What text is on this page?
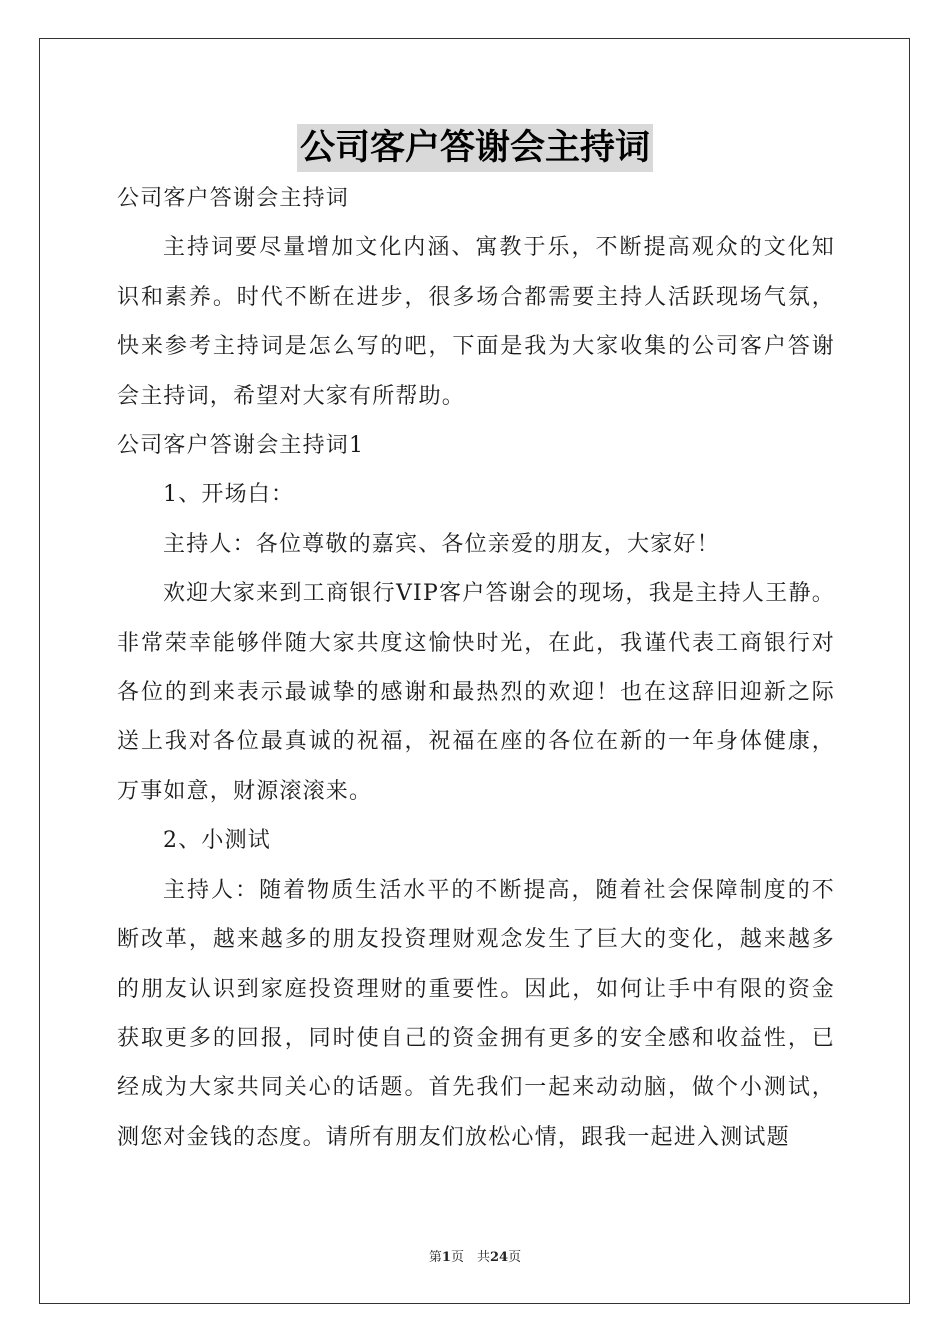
公司客户答谢会主持词

公司客户答谢会主持词

主持词要尽量增加文化内涵、寓教于乐，不断提高观众的文化知识和素养。时代不断在进步，很多场合都需要主持人活跃现场气氛，快来参考主持词是怎么写的吧，下面是我为大家收集的公司客户答谢会主持词，希望对大家有所帮助。

公司客户答谢会主持词1

1、开场白：

主持人：各位尊敬的嘉宾、各位亲爱的朋友，大家好！

欢迎大家来到工商银行VIP客户答谢会的现场，我是主持人王静。非常荣幸能够伴随大家共度这愉快时光，在此，我谨代表工商银行对各位的到来表示最诚挚的感谢和最热烈的欢迎！也在这辞旧迎新之际送上我对各位最真诚的祝福，祝福在座的各位在新的一年身体健康，万事如意，财源滚滚来。

2、小测试

主持人：随着物质生活水平的不断提高，随着社会保障制度的不断改革，越来越多的朋友投资理财观念发生了巨大的变化，越来越多的朋友认识到家庭投资理财的重要性。因此，如何让手中有限的资金获取更多的回报，同时使自己的资金拥有更多的安全感和收益性，已经成为大家共同关心的话题。首先我们一起来动动脑，做个小测试，测您对金钱的态度。请所有朋友们放松心情，跟我一起进入测试题

第1页　共24页
